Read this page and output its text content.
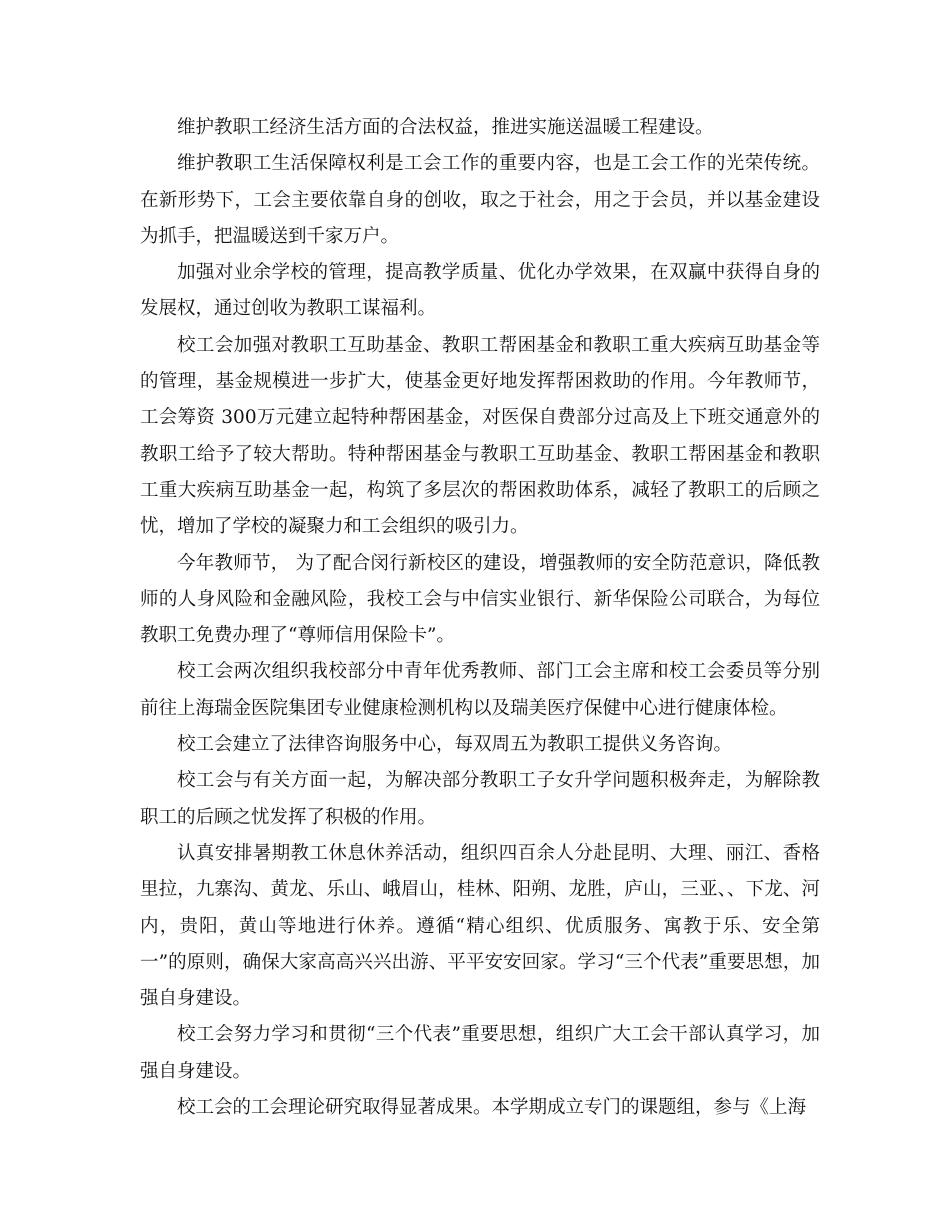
维护教职工经济生活方面的合法权益，推进实施送温暖工程建设。

维护教职工生活保障权利是工会工作的重要内容，也是工会工作的光荣传统。在新形势下，工会主要依靠自身的创收，取之于社会，用之于会员，并以基金建设为抓手，把温暖送到千家万户。

加强对业余学校的管理，提高教学质量、优化办学效果，在双赢中获得自身的发展权，通过创收为教职工谋福利。

校工会加强对教职工互助基金、教职工帮困基金和教职工重大疾病互助基金等的管理，基金规模进一步扩大，使基金更好地发挥帮困救助的作用。今年教师节，工会筹资 300万元建立起特种帮困基金，对医保自费部分过高及上下班交通意外的教职工给予了较大帮助。特种帮困基金与教职工互助基金、教职工帮困基金和教职工重大疾病互助基金一起，构筑了多层次的帮困救助体系，减轻了教职工的后顾之忧，增加了学校的凝聚力和工会组织的吸引力。

今年教师节， 为了配合闵行新校区的建设，增强教师的安全防范意识，降低教师的人身风险和金融风险，我校工会与中信实业银行、新华保险公司联合，为每位教职工免费办理了“尊师信用保险卡”。

校工会两次组织我校部分中青年优秀教师、部门工会主席和校工会委员等分别前往上海瑞金医院集团专业健康检测机构以及瑞美医疗保健中心进行健康体检。

校工会建立了法律咨询服务中心，每双周五为教职工提供义务咨询。

校工会与有关方面一起，为解决部分教职工子女升学问题积极奔走，为解除教职工的后顾之忧发挥了积极的作用。

认真安排暑期教工休息休养活动，组织四百余人分赴昆明、大理、丽江、香格里拉，九寨沟、黄龙、乐山、峨眉山，桂林、阳朔、龙胜，庐山，三亚、、下龙、河内，贵阳，黄山等地进行休养。遵循“精心组织、优质服务、寓教于乐、安全第一”的原则，确保大家高高兴兴出游、平平安安回家。学习“三个代表”重要思想，加强自身建设。

校工会努力学习和贯彻“三个代表”重要思想，组织广大工会干部认真学习，加强自身建设。

校工会的工会理论研究取得显著成果。本学期成立专门的课题组，参与《上海
